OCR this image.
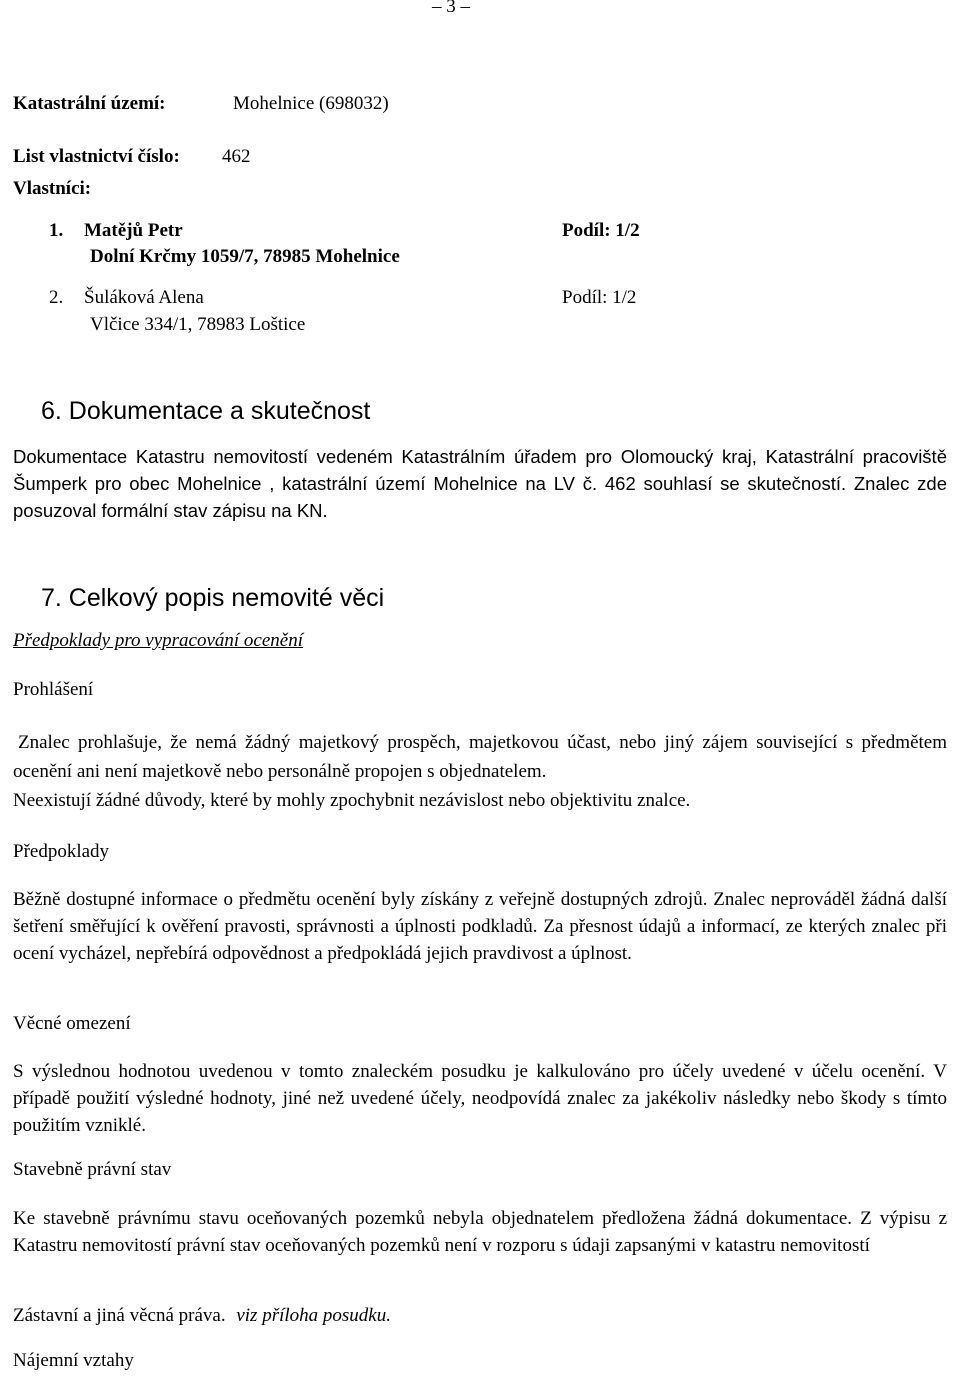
– 3 –
Katastrální území:	Mohelnice (698032)
List vlastnictví číslo: 462
Vlastníci:
1. Matějů Petr	Podíl: 1/2
Dolní Krčmy 1059/7, 78985 Mohelnice
2. Šuláková Alena	Podíl: 1/2
Vlčice 334/1, 78983 Loštice
6. Dokumentace a skutečnost
Dokumentace Katastru nemovitostí vedeném Katastrálním úřadem pro Olomoucký kraj, Katastrální pracoviště Šumperk pro obec Mohelnice , katastrální území Mohelnice na LV č. 462 souhlasí se skutečností. Znalec zde posuzoval formální stav zápisu na KN.
7. Celkový popis nemovité věci
Předpoklady pro vypracování ocenění
Prohlášení
Znalec prohlašuje, že nemá žádný majetkový prospěch, majetkovou účast, nebo jiný zájem související s předmětem ocenění ani není majetkově nebo personálně propojen s objednatelem.
Neexistují žádné důvody, které by mohly zpochybnit nezávislost nebo objektivitu znalce.
Předpoklady
Běžně dostupné informace o předmětu ocenění byly získány z veřejně dostupných zdrojů. Znalec neprováděl žádná další šetření směřující k ověření pravosti, správnosti a úplnosti podkladů. Za přesnost údajů a informací, ze kterých znalec při ocení vycházel, nepřebírá odpovědnost a předpokládá jejich pravdivost a úplnost.
Věcné omezení
S výslednou hodnotou uvedenou v tomto znaleckém posudku je kalkulováno pro účely uvedené v účelu ocenění. V případě použití výsledné hodnoty, jiné než uvedené účely, neodpovídá znalec za jakékoliv následky nebo škody s tímto použitím vzniklé.
Stavebně právní stav
Ke stavebně právnímu stavu oceňovaných pozemků nebyla objednatelem předložena žádná dokumentace. Z výpisu z Katastru nemovitostí právní stav oceňovaných pozemků není v rozporu s údaji zapsanými v katastru nemovitostí
Zástavní a jiná věcná práva. viz příloha posudku.
Nájemní vztahy
